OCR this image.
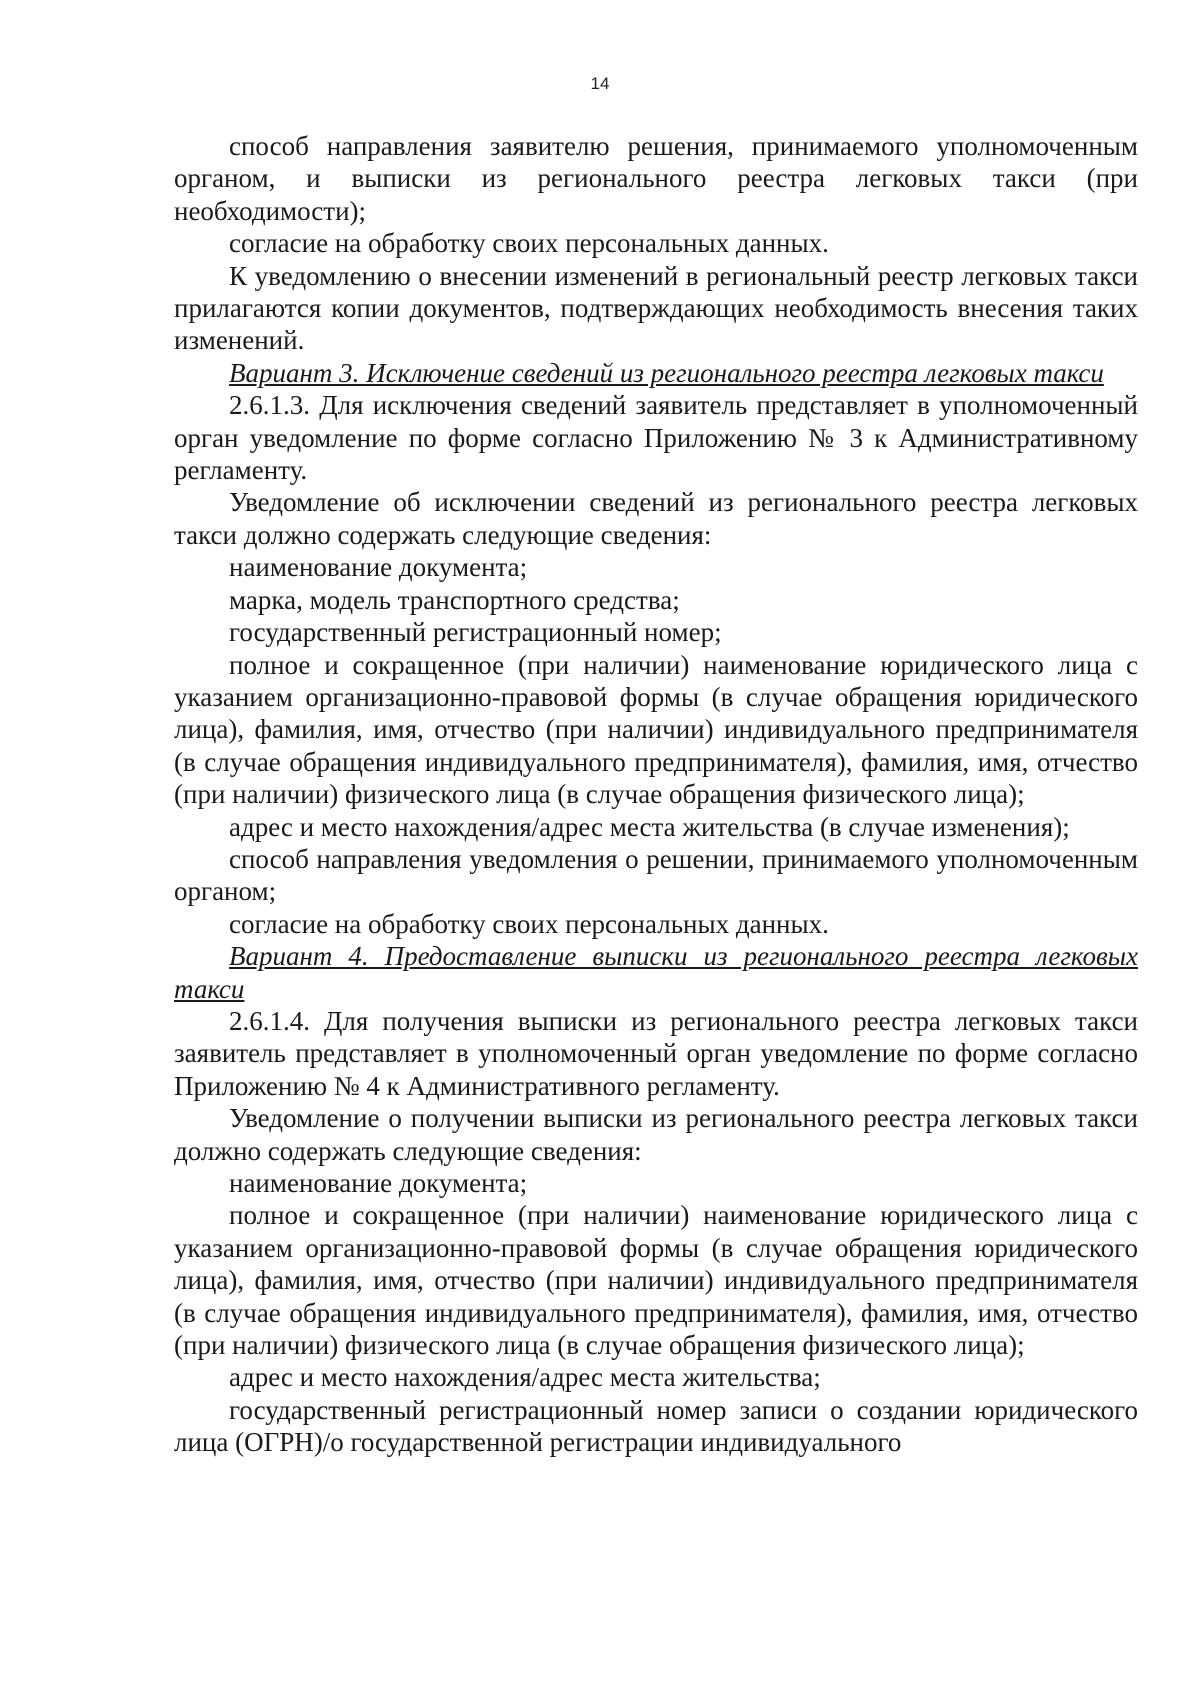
14

способ направления заявителю решения, принимаемого уполномоченным органом, и выписки из регионального реестра легковых такси (при необходимости);

согласие на обработку своих персональных данных.

К уведомлению о внесении изменений в региональный реестр легковых такси прилагаются копии документов, подтверждающих необходимость внесения таких изменений.

Вариант 3. Исключение сведений из регионального реестра легковых такси

2.6.1.3. Для исключения сведений заявитель представляет в уполномоченный орган уведомление по форме согласно Приложению № 3 к Административному регламенту.

Уведомление об исключении сведений из регионального реестра легковых такси должно содержать следующие сведения:

наименование документа;

марка, модель транспортного средства;

государственный регистрационный номер;

полное и сокращенное (при наличии) наименование юридического лица с указанием организационно-правовой формы (в случае обращения юридического лица), фамилия, имя, отчество (при наличии) индивидуального предпринимателя (в случае обращения индивидуального предпринимателя), фамилия, имя, отчество (при наличии) физического лица (в случае обращения физического лица);

адрес и место нахождения/адрес места жительства (в случае изменения);

способ направления уведомления о решении, принимаемого уполномоченным органом;

согласие на обработку своих персональных данных.

Вариант 4. Предоставление выписки из регионального реестра легковых такси

2.6.1.4. Для получения выписки из регионального реестра легковых такси заявитель представляет в уполномоченный орган уведомление по форме согласно Приложению № 4 к Административного регламенту.

Уведомление о получении выписки из регионального реестра легковых такси должно содержать следующие сведения:

наименование документа;

полное и сокращенное (при наличии) наименование юридического лица с указанием организационно-правовой формы (в случае обращения юридического лица), фамилия, имя, отчество (при наличии) индивидуального предпринимателя (в случае обращения индивидуального предпринимателя), фамилия, имя, отчество (при наличии) физического лица (в случае обращения физического лица);

адрес и место нахождения/адрес места жительства;

государственный регистрационный номер записи о создании юридического лица (ОГРН)/о государственной регистрации индивидуального
